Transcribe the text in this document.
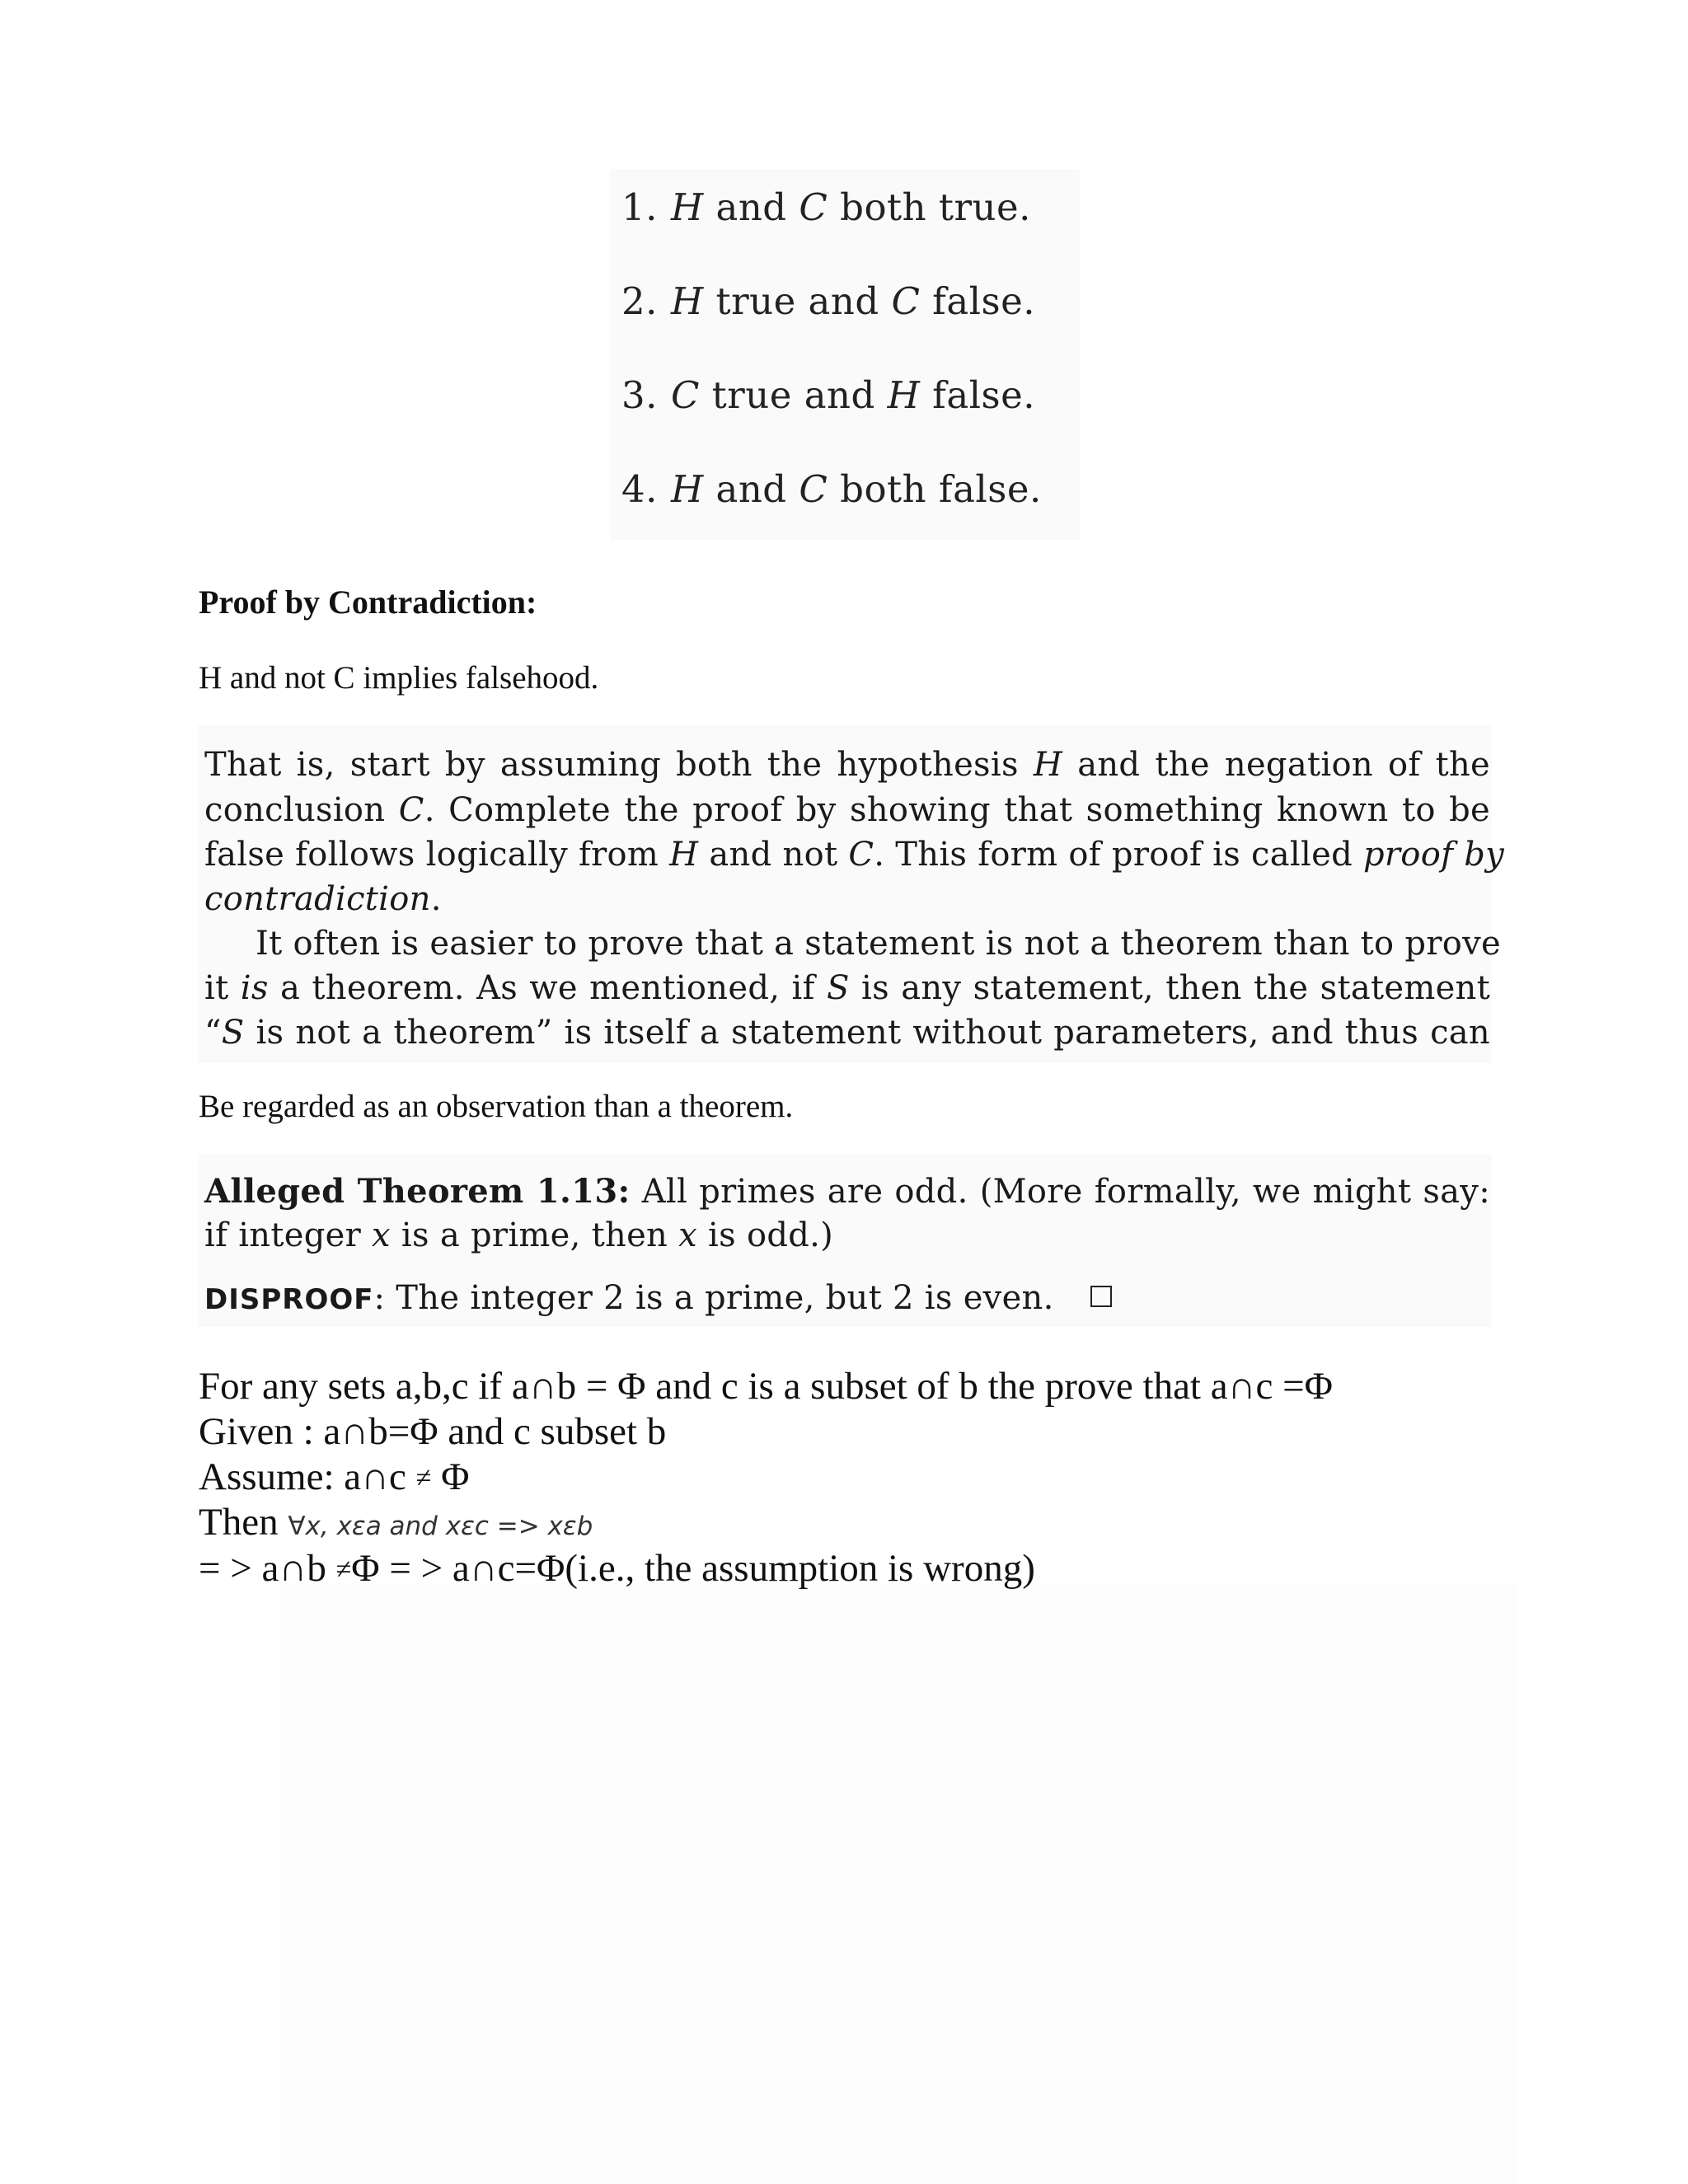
1. H and C both true.
2. H true and C false.
3. C true and H false.
4. H and C both false.
Proof by Contradiction:
H and not C implies falsehood.
That is, start by assuming both the hypothesis H and the negation of the
conclusion C. Complete the proof by showing that something known to be
false follows logically from H and not C. This form of proof is called proof by
contradiction.
It often is easier to prove that a statement is not a theorem than to prove
it is a theorem. As we mentioned, if S is any statement, then the statement
“S is not a theorem” is itself a statement without parameters, and thus can
Be regarded as an observation than a theorem.
Alleged Theorem 1.13: All primes are odd. (More formally, we might say:
if integer x is a prime, then x is odd.)
DISPROOF: The integer 2 is a prime, but 2 is even.
For any sets a,b,c if a∩b = Φ and c is a subset of b the prove that a∩c =Φ
Given : a∩b=Φ and c subset b
Assume: a∩c ≠ Φ
Then ∀x, xεa and xεc => xεb
= > a∩b ≠Φ = > a∩c=Φ(i.e., the assumption is wrong)
